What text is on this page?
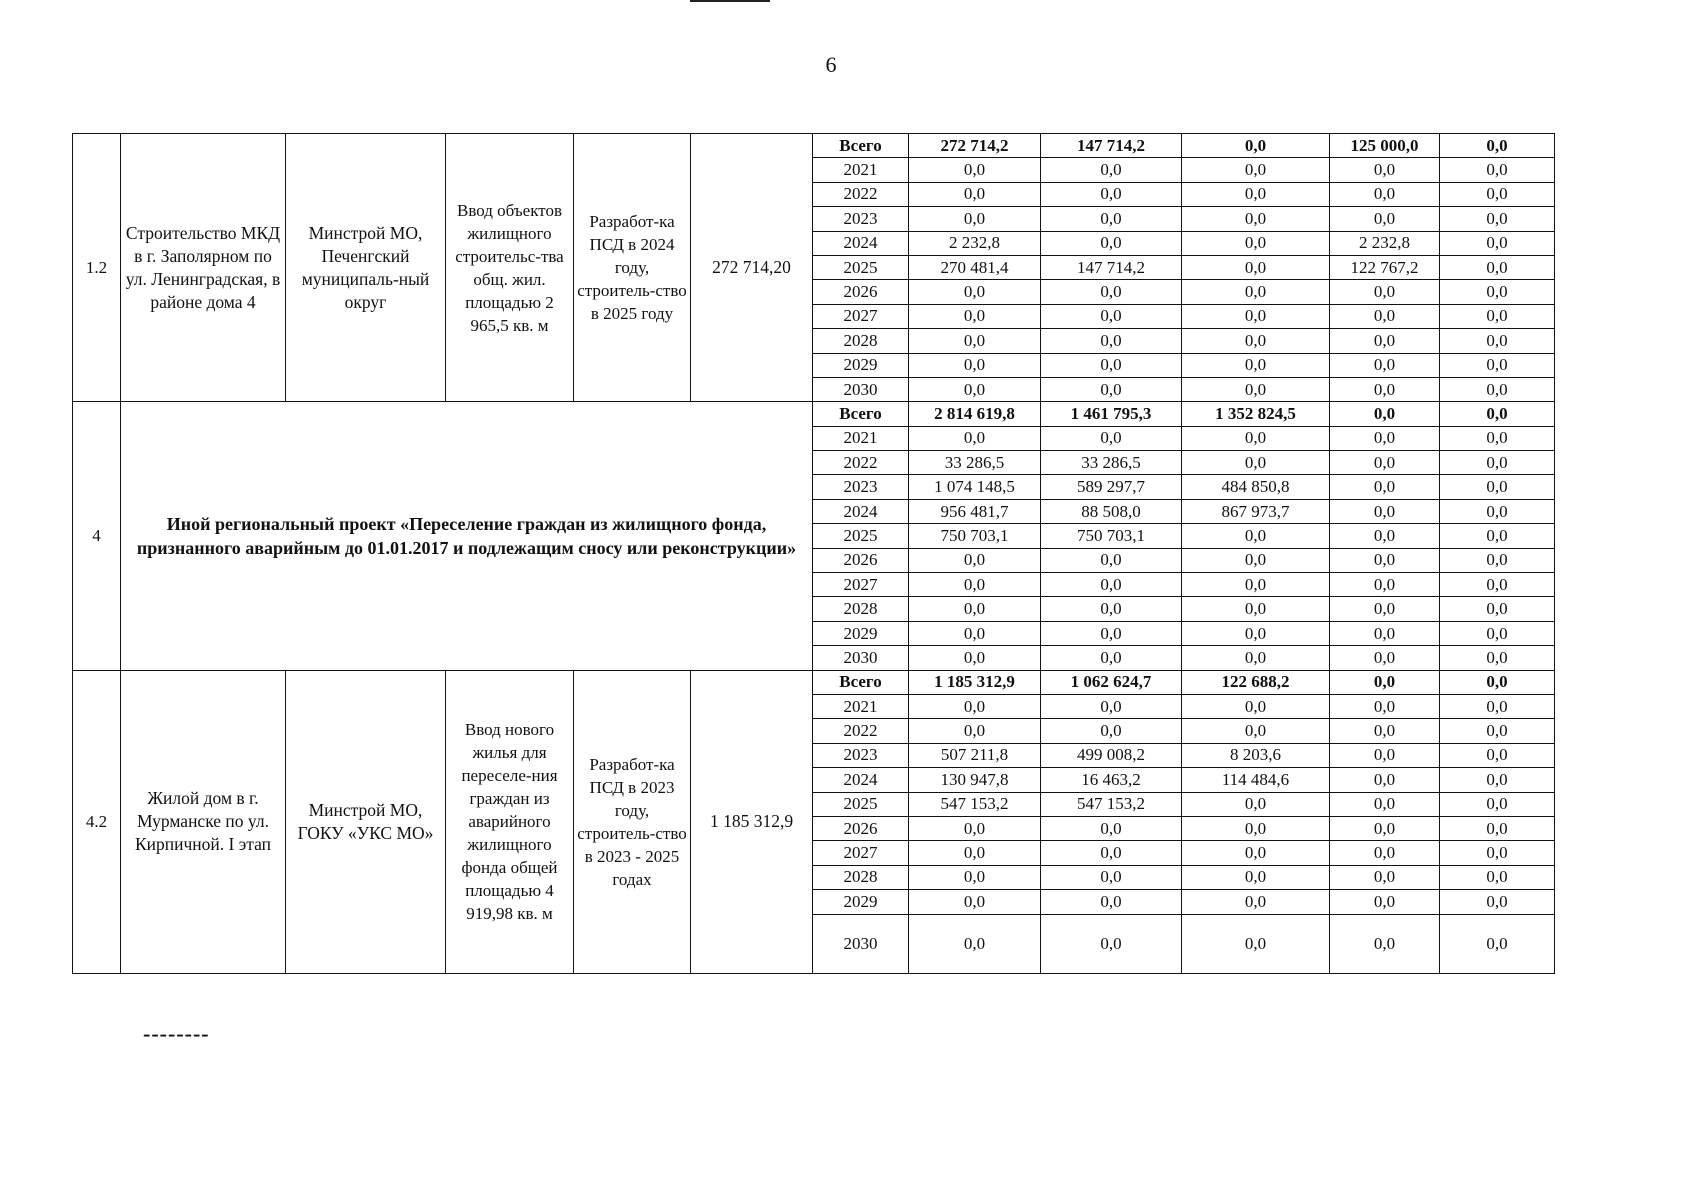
6
1.2	Строительство МКД в г. Заполярном по ул. Ленинградская, в районе дома 4	Минстрой МО, Печенгский муниципаль-ный округ	Ввод объектов жилищного строительс-тва общ. жил. площадью 2 965,5 кв. м	Разработ-ка ПСД в 2024 году, строитель-ство в 2025 году	272 714,20	Всего	272 714,2	147 714,2	0,0	125 000,0	0,0
						2021	0,0	0,0	0,0	0,0	0,0
						2022	0,0	0,0	0,0	0,0	0,0
						2023	0,0	0,0	0,0	0,0	0,0
						2024	2 232,8	0,0	0,0	2 232,8	0,0
						2025	270 481,4	147 714,2	0,0	122 767,2	0,0
						2026	0,0	0,0	0,0	0,0	0,0
						2027	0,0	0,0	0,0	0,0	0,0
						2028	0,0	0,0	0,0	0,0	0,0
						2029	0,0	0,0	0,0	0,0	0,0
						2030	0,0	0,0	0,0	0,0	0,0
4	Иной региональный проект «Переселение граждан из жилищного фонда, признанного аварийным до 01.01.2017 и подлежащим сносу или реконструкции»					Всего	2 814 619,8	1 461 795,3	1 352 824,5	0,0	0,0
						2021	0,0	0,0	0,0	0,0	0,0
						2022	33 286,5	33 286,5	0,0	0,0	0,0
						2023	1 074 148,5	589 297,7	484 850,8	0,0	0,0
						2024	956 481,7	88 508,0	867 973,7	0,0	0,0
						2025	750 703,1	750 703,1	0,0	0,0	0,0
						2026	0,0	0,0	0,0	0,0	0,0
						2027	0,0	0,0	0,0	0,0	0,0
						2028	0,0	0,0	0,0	0,0	0,0
						2029	0,0	0,0	0,0	0,0	0,0
						2030	0,0	0,0	0,0	0,0	0,0
4.2	Жилой дом в г. Мурманске по ул. Кирпичной. I этап	Минстрой МО, ГОКУ «УКС МО»	Ввод нового жилья для переселе-ния граждан из аварийного жилищного фонда общей площадью 4 919,98 кв. м	Разработ-ка ПСД в 2023 году, строитель-ство в 2023 - 2025 годах	1 185 312,9	Всего	1 185 312,9	1 062 624,7	122 688,2	0,0	0,0
						2021	0,0	0,0	0,0	0,0	0,0
						2022	0,0	0,0	0,0	0,0	0,0
						2023	507 211,8	499 008,2	8 203,6	0,0	0,0
						2024	130 947,8	16 463,2	114 484,6	0,0	0,0
						2025	547 153,2	547 153,2	0,0	0,0	0,0
						2026	0,0	0,0	0,0	0,0	0,0
						2027	0,0	0,0	0,0	0,0	0,0
						2028	0,0	0,0	0,0	0,0	0,0
						2029	0,0	0,0	0,0	0,0	0,0
						2030	0,0	0,0	0,0	0,0	0,0
--------
